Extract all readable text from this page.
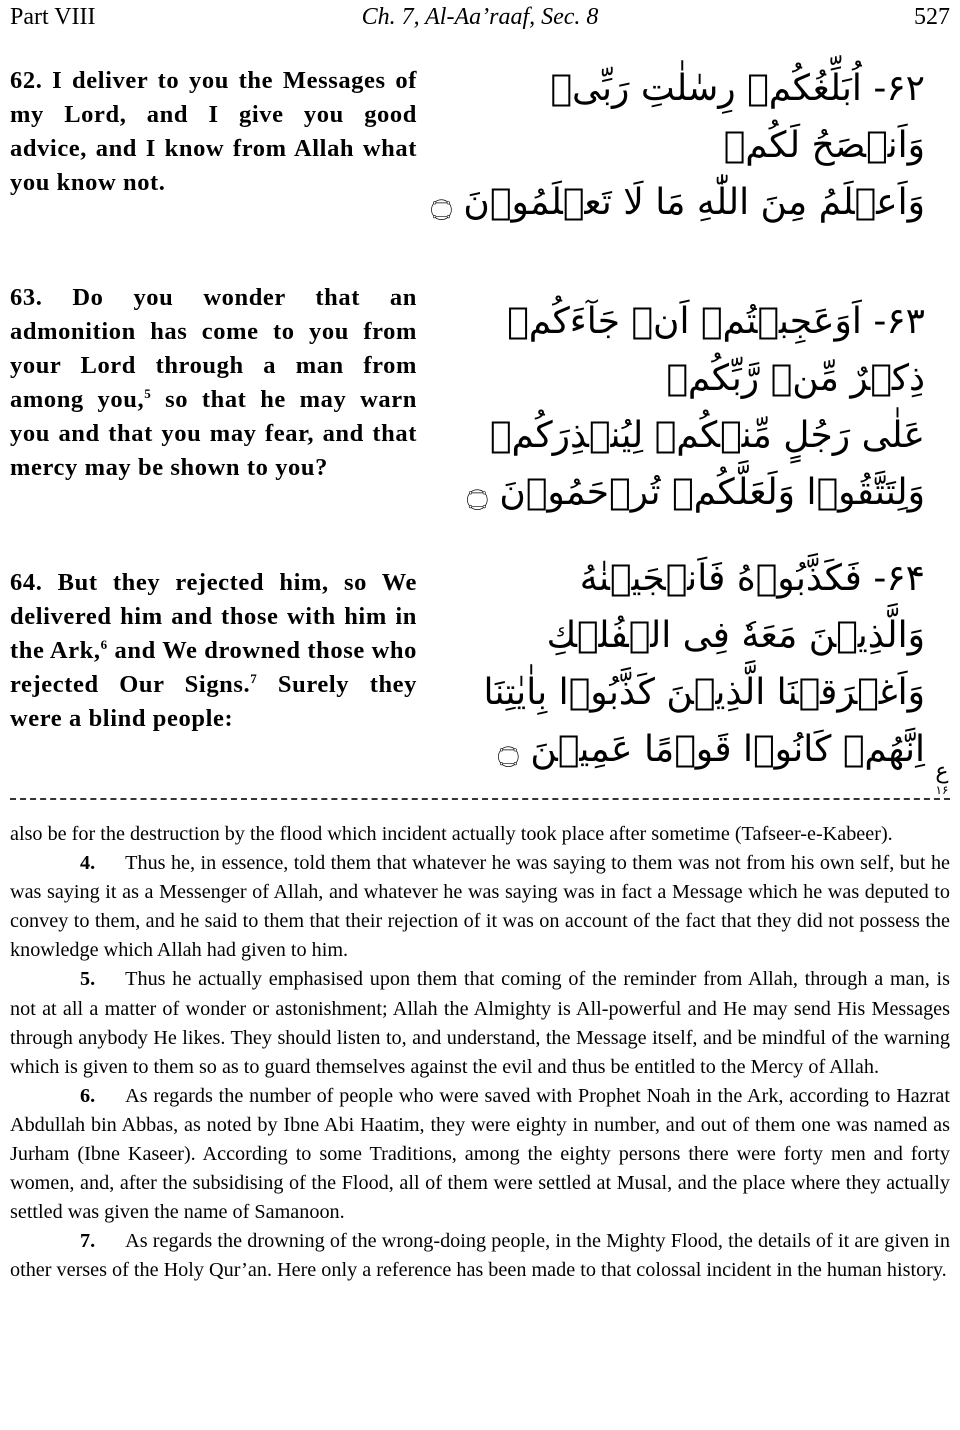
Part VIII	Ch. 7, Al-Aa’raaf, Sec. 8	527
62. I deliver to you the Messages of my Lord, and I give you good advice, and I know from Allah what you know not.
۶۲- اُبَلِّغُكُمۡ رِسٰلٰتِ رَبِّیۡ
وَاَنۡصَحُ لَكُمۡ
وَاَعۡلَمُ مِنَ اللّٰهِ مَا لَا تَعۡلَمُوۡنَ ۝
63. Do you wonder that an admonition has come to you from your Lord through a man from among you,$^5$ so that he may warn you and that you may fear, and that mercy may be shown to you?
۶۳- اَوَعَجِبۡتُمۡ اَنۡ جَآءَكُمۡ
ذِكۡرٌ مِّنۡ رَّبِّكُمۡ
عَلٰی رَجُلٍ مِّنۡكُمۡ لِيُنۡذِرَكُمۡ
وَلِتَتَّقُوۡا وَلَعَلَّكُمۡ تُرۡحَمُوۡنَ ۝
64. But they rejected him, so We delivered him and those with him in the Ark,$^6$ and We drowned those who rejected Our Signs.$^7$ Surely they were a blind people:
۶۴- فَكَذَّبُوۡهُ فَاَنۡجَيۡنٰهُ
وَالَّذِيۡنَ مَعَهٗ فِی الۡفُلۡكِ
وَاَغۡرَقۡنَا الَّذِيۡنَ كَذَّبُوۡا بِاٰيٰتِنَا
اِنَّهُمۡ كَانُوۡا قَوۡمًا عَمِيۡنَ ۝
ع
۱۶

also be for the destruction by the flood which incident actually took place after sometime (Tafseer-e-Kabeer).

4. Thus he, in essence, told them that whatever he was saying to them was not from his own self, but he was saying it as a Messenger of Allah, and whatever he was saying was in fact a Message which he was deputed to convey to them, and he said to them that their rejection of it was on account of the fact that they did not possess the knowledge which Allah had given to him.

5. Thus he actually emphasised upon them that coming of the reminder from Allah, through a man, is not at all a matter of wonder or astonishment; Allah the Almighty is All-powerful and He may send His Messages through anybody He likes. They should listen to, and understand, the Message itself, and be mindful of the warning which is given to them so as to guard themselves against the evil and thus be entitled to the Mercy of Allah.

6. As regards the number of people who were saved with Prophet Noah in the Ark, according to Hazrat Abdullah bin Abbas, as noted by Ibne Abi Haatim, they were eighty in number, and out of them one was named as Jurham (Ibne Kaseer). According to some Traditions, among the eighty persons there were forty men and forty women, and, after the subsidising of the Flood, all of them were settled at Musal, and the place where they actually settled was given the name of Samanoon.

7. As regards the drowning of the wrong-doing people, in the Mighty Flood, the details of it are given in other verses of the Holy Qur’an. Here only a reference has been made to that colossal incident in the human history.
